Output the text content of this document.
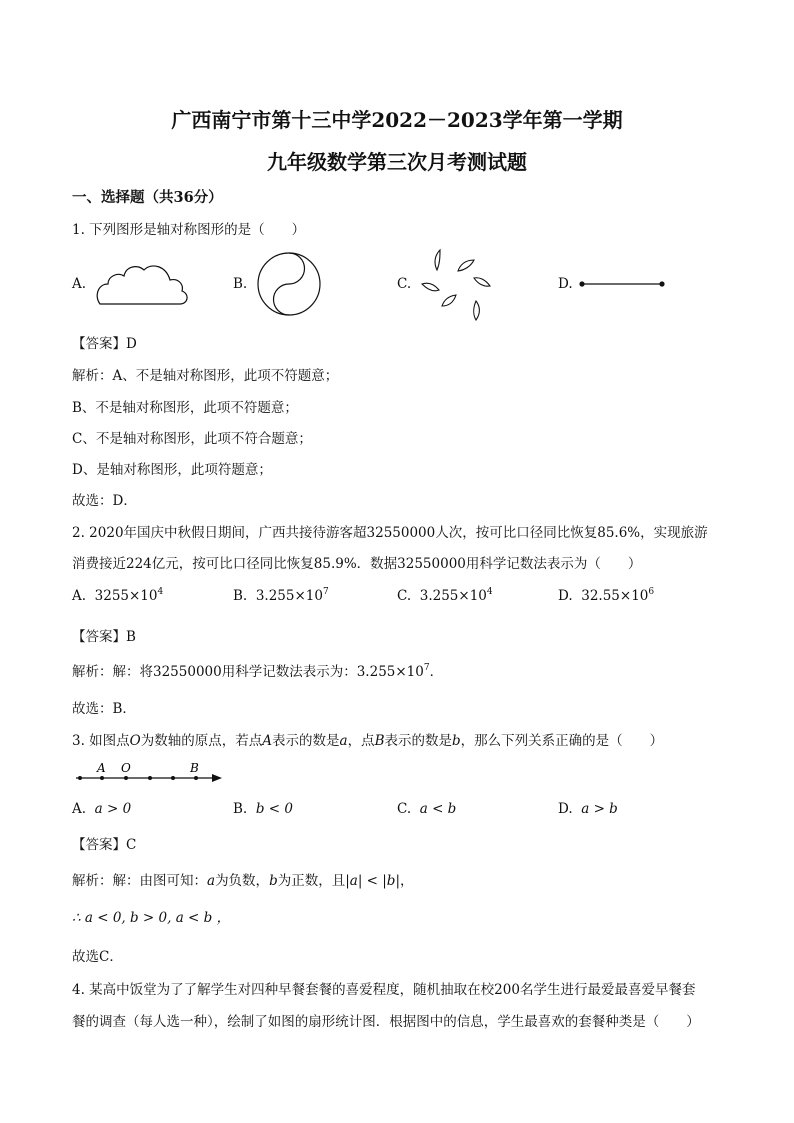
广西南宁市第十三中学2022－2023学年第一学期
九年级数学第三次月考测试题
一、选择题（共36分）
1. 下列图形是轴对称图形的是（　　）
A.	B.	C.	D.
【答案】D
解析：A、不是轴对称图形，此项不符题意；
B、不是轴对称图形，此项不符题意；
C、不是轴对称图形，此项不符合题意；
D、是轴对称图形，此项符题意；
故选：D．
2. 2020年国庆中秋假日期间，广西共接待游客超32550000人次，按可比口径同比恢复85.6%，实现旅游
消费接近224亿元，按可比口径同比恢复85.9%．数据32550000用科学记数法表示为（　　）
A. $3255\times 10^4$	B. $3.255\times 10^7$	C. $3.255\times 10^4$	D. $32.55\times 10^6$
【答案】B
解析：解：将32550000用科学记数法表示为：$3.255\times 10^7$．
故选：B．
3. 如图点O为数轴的原点，若点A表示的数是a，点B表示的数是b，那么下列关系正确的是（　　）
A O	B
A. a > 0	B. b < 0	C. a < b	D. a > b
【答案】C
解析：解：由图可知：a为负数，b为正数，且|a| < |b|，
∴ a < 0, b > 0, a < b ，
故选C．
4. 某高中饭堂为了了解学生对四种早餐套餐的喜爱程度，随机抽取在校200名学生进行最爱最喜爱早餐套
餐的调查（每人选一种），绘制了如图的扇形统计图．根据图中的信息，学生最喜欢的套餐种类是（　　）
